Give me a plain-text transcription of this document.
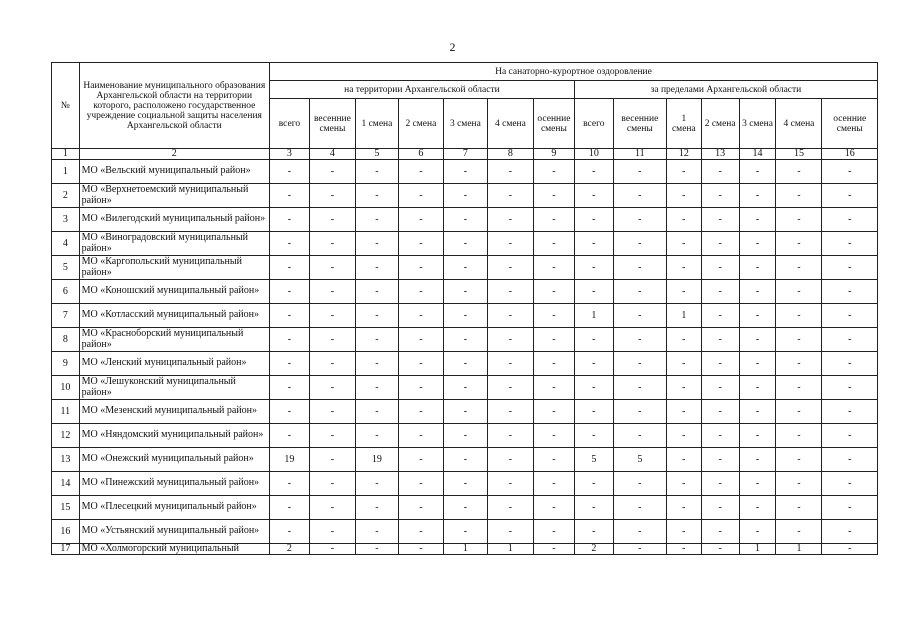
2
№	Наименование муниципального образования Архангельской области на территории которого, расположено государственное учреждение социальной защиты населения Архангельской области	На санаторно-курортное оздоровление													
		на территории Архангельской области							за пределами Архангельской области						
		всего	весенние смены	1 смена	2 смена	3 смена	4 смена	осенние смены	всего	весенние смены	1 смена	2 смена	3 смена	4 смена	осенние смены
1	2	3	4	5	6	7	8	9	10	11	12	13	14	15	16
1	МО «Вельский муниципальный район»	-	-	-	-	-	-	-	-	-	-	-	-	-	-
2	МО «Верхнетоемский муниципальный район»	-	-	-	-	-	-	-	-	-	-	-	-	-	-
3	МО «Вилегодский муниципальный район»	-	-	-	-	-	-	-	-	-	-	-	-	-	-
4	МО «Виноградовский муниципальный район»	-	-	-	-	-	-	-	-	-	-	-	-	-	-
5	МО «Каргопольский муниципальный район»	-	-	-	-	-	-	-	-	-	-	-	-	-	-
6	МО «Коношский муниципальный район»	-	-	-	-	-	-	-	-	-	-	-	-	-	-
7	МО «Котласский муниципальный район»	-	-	-	-	-	-	-	1	-	1	-	-	-	-
8	МО «Красноборский муниципальный район»	-	-	-	-	-	-	-	-	-	-	-	-	-	-
9	МО «Ленский муниципальный район»	-	-	-	-	-	-	-	-	-	-	-	-	-	-
10	МО «Лешуконский муниципальный район»	-	-	-	-	-	-	-	-	-	-	-	-	-	-
11	МО «Мезенский муниципальный район»	-	-	-	-	-	-	-	-	-	-	-	-	-	-
12	МО «Няндомский муниципальный район»	-	-	-	-	-	-	-	-	-	-	-	-	-	-
13	МО «Онежский муниципальный район»	19	-	19	-	-	-	-	5	5	-	-	-	-	-
14	МО «Пинежский муниципальный район»	-	-	-	-	-	-	-	-	-	-	-	-	-	-
15	МО «Плесецкий муниципальный район»	-	-	-	-	-	-	-	-	-	-	-	-	-	-
16	МО «Устьянский муниципальный район»	-	-	-	-	-	-	-	-	-	-	-	-	-	-
17	МО «Холмогорский муниципальный	2	-	-	-	1	1	-	2	-	-	-	1	1	-
